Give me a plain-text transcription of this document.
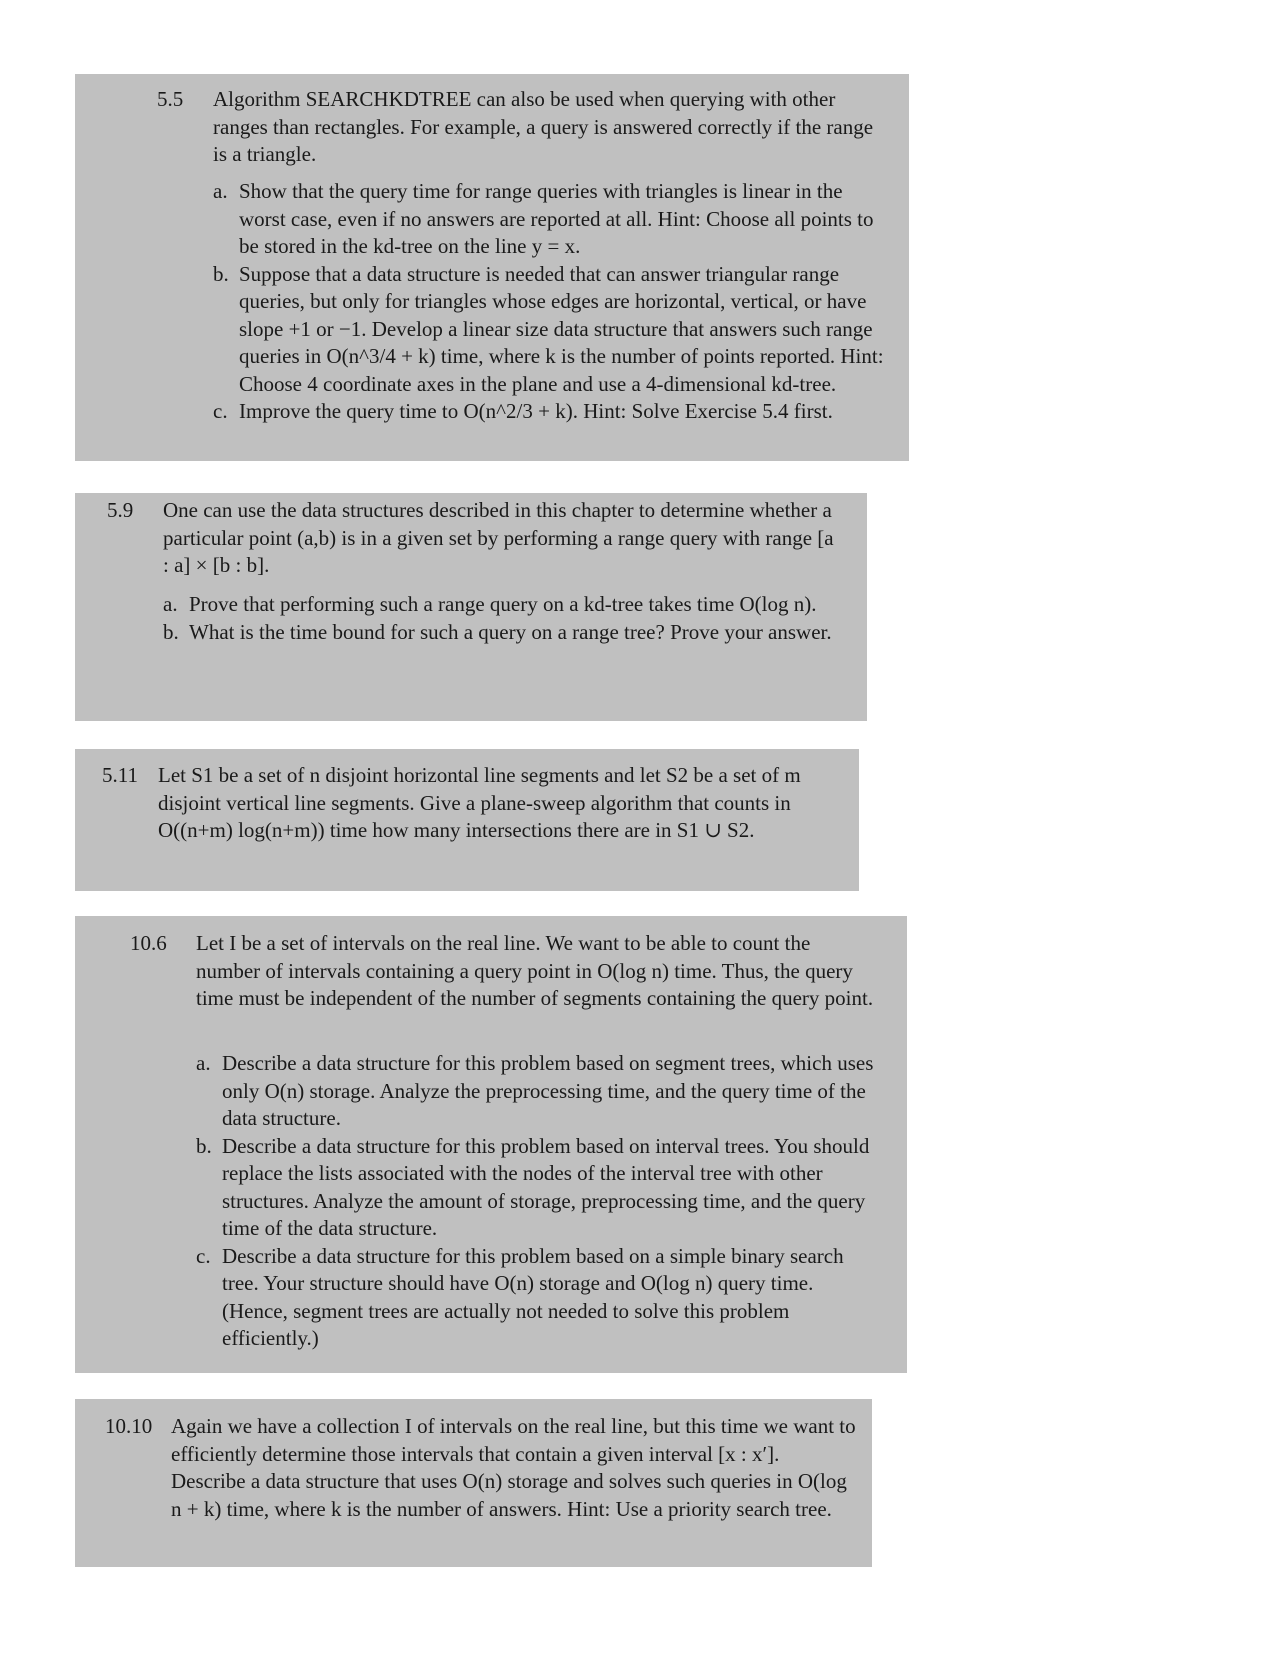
5.5 Algorithm SEARCHKDTREE can also be used when querying with other ranges than rectangles. For example, a query is answered correctly if the range is a triangle.
a. Show that the query time for range queries with triangles is linear in the worst case, even if no answers are reported at all. Hint: Choose all points to be stored in the kd-tree on the line y = x.
b. Suppose that a data structure is needed that can answer triangular range queries, but only for triangles whose edges are horizontal, vertical, or have slope +1 or −1. Develop a linear size data structure that answers such range queries in O(n^3/4 + k) time, where k is the number of points reported. Hint: Choose 4 coordinate axes in the plane and use a 4-dimensional kd-tree.
c. Improve the query time to O(n^2/3 + k). Hint: Solve Exercise 5.4 first.
5.9 One can use the data structures described in this chapter to determine whether a particular point (a,b) is in a given set by performing a range query with range [a : a] × [b : b].
a. Prove that performing such a range query on a kd-tree takes time O(log n).
b. What is the time bound for such a query on a range tree? Prove your answer.
5.11 Let S1 be a set of n disjoint horizontal line segments and let S2 be a set of m disjoint vertical line segments. Give a plane-sweep algorithm that counts in O((n+m) log(n+m)) time how many intersections there are in S1 ∪ S2.
10.6 Let I be a set of intervals on the real line. We want to be able to count the number of intervals containing a query point in O(log n) time. Thus, the query time must be independent of the number of segments containing the query point.
a. Describe a data structure for this problem based on segment trees, which uses only O(n) storage. Analyze the preprocessing time, and the query time of the data structure.
b. Describe a data structure for this problem based on interval trees. You should replace the lists associated with the nodes of the interval tree with other structures. Analyze the amount of storage, preprocessing time, and the query time of the data structure.
c. Describe a data structure for this problem based on a simple binary search tree. Your structure should have O(n) storage and O(log n) query time. (Hence, segment trees are actually not needed to solve this problem efficiently.)
10.10 Again we have a collection I of intervals on the real line, but this time we want to efficiently determine those intervals that contain a given interval [x : x′]. Describe a data structure that uses O(n) storage and solves such queries in O(log n + k) time, where k is the number of answers. Hint: Use a priority search tree.
